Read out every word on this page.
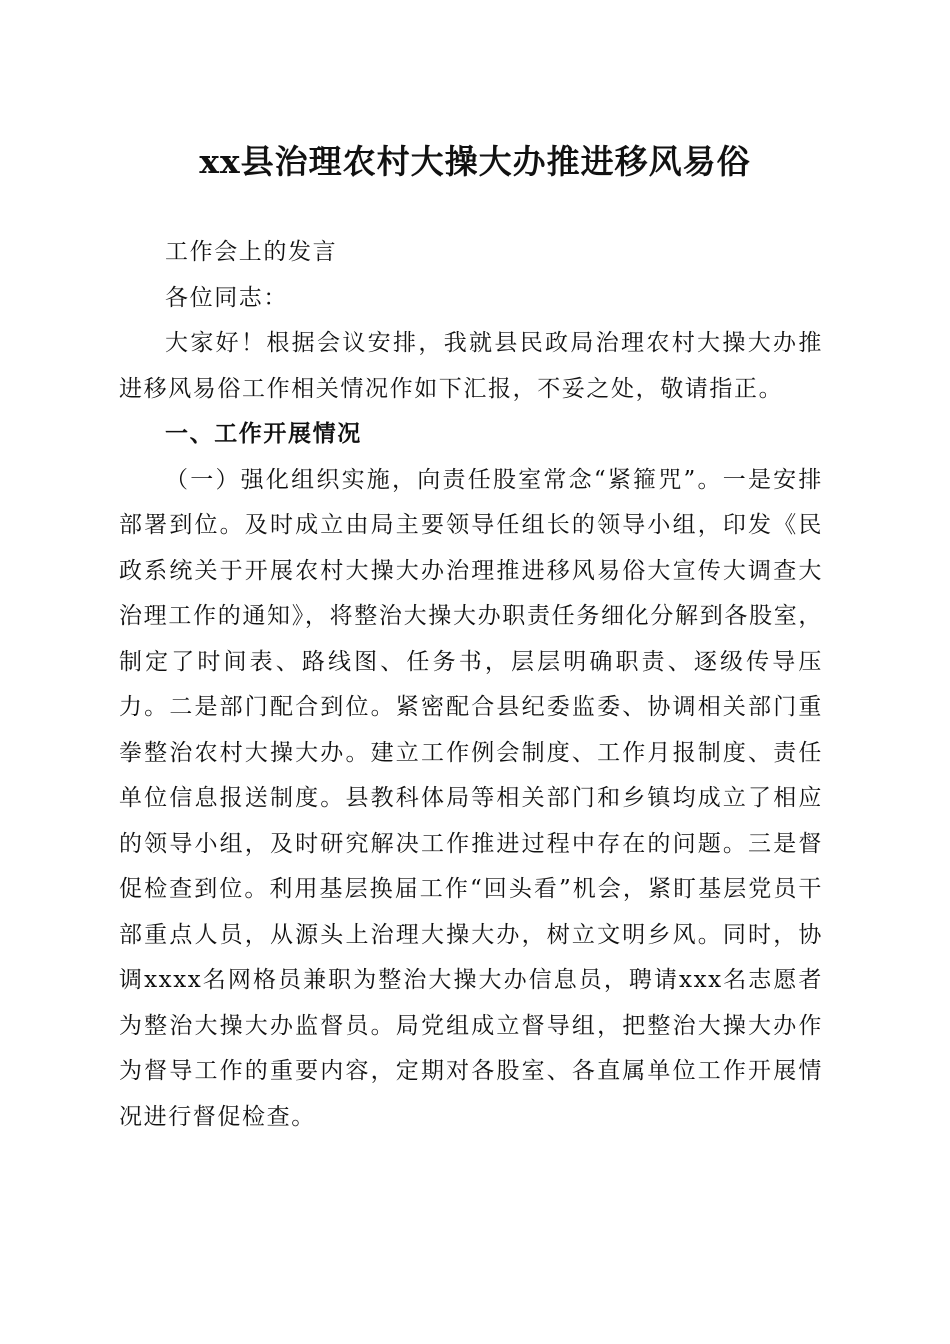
xx县治理农村大操大办推进移风易俗

工作会上的发言

各位同志：

大家好！根据会议安排，我就县民政局治理农村大操大办推进移风易俗工作相关情况作如下汇报，不妥之处，敬请指正。

一、工作开展情况

（一）强化组织实施，向责任股室常念“紧箍咒”。一是安排部署到位。及时成立由局主要领导任组长的领导小组，印发《民政系统关于开展农村大操大办治理推进移风易俗大宣传大调查大治理工作的通知》，将整治大操大办职责任务细化分解到各股室，制定了时间表、路线图、任务书，层层明确职责、逐级传导压力。二是部门配合到位。紧密配合县纪委监委、协调相关部门重拳整治农村大操大办。建立工作例会制度、工作月报制度、责任单位信息报送制度。县教科体局等相关部门和乡镇均成立了相应的领导小组，及时研究解决工作推进过程中存在的问题。三是督促检查到位。利用基层换届工作“回头看”机会，紧盯基层党员干部重点人员，从源头上治理大操大办，树立文明乡风。同时，协调xxxx名网格员兼职为整治大操大办信息员，聘请xxx名志愿者为整治大操大办监督员。局党组成立督导组，把整治大操大办作为督导工作的重要内容，定期对各股室、各直属单位工作开展情况进行督促检查。
